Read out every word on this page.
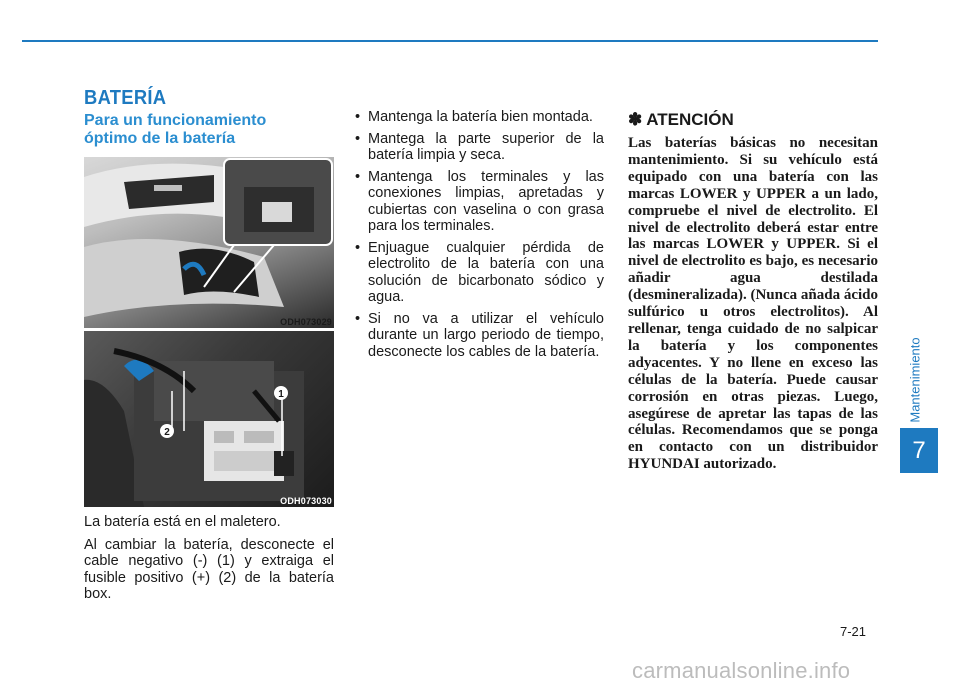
BATERÍA
Para un funcionamiento
óptimo de la batería
ODH073029
1
2
ODH073030

La batería está en el maletero.

Al cambiar la batería, desconecte el cable negativo (-) (1) y extraiga el fusible positivo (+) (2) de la batería box.

• Mantenga la batería bien montada.
• Mantega la parte superior de la batería limpia y seca.
• Mantenga los terminales y las conexiones limpias, apretadas y cubiertas con vaselina o con grasa para los terminales.
• Enjuague cualquier pérdida de electrolito de la batería con una solución de bicarbonato sódico y agua.
• Si no va a utilizar el vehículo durante un largo periodo de tiempo, desconecte los cables de la batería.
✽ ATENCIÓN

Las baterías básicas no necesitan mantenimiento. Si su vehículo está equipado con una batería con las marcas LOWER y UPPER a un lado, compruebe el nivel de electrolito. El nivel de electrolito deberá estar entre las marcas LOWER y UPPER. Si el nivel de electrolito es bajo, es necesario añadir agua destilada (desmineralizada). (Nunca añada ácido sulfúrico u otros electrolitos). Al rellenar, tenga cuidado de no salpicar la batería y los componentes adyacentes. Y no llene en exceso las células de la batería. Puede causar corrosión en otras piezas. Luego, asegúrese de apretar las tapas de las células. Recomendamos que se ponga en contacto con un distribuidor HYUNDAI autorizado.

Mantenimiento
7
7-21
carmanualsonline.info
